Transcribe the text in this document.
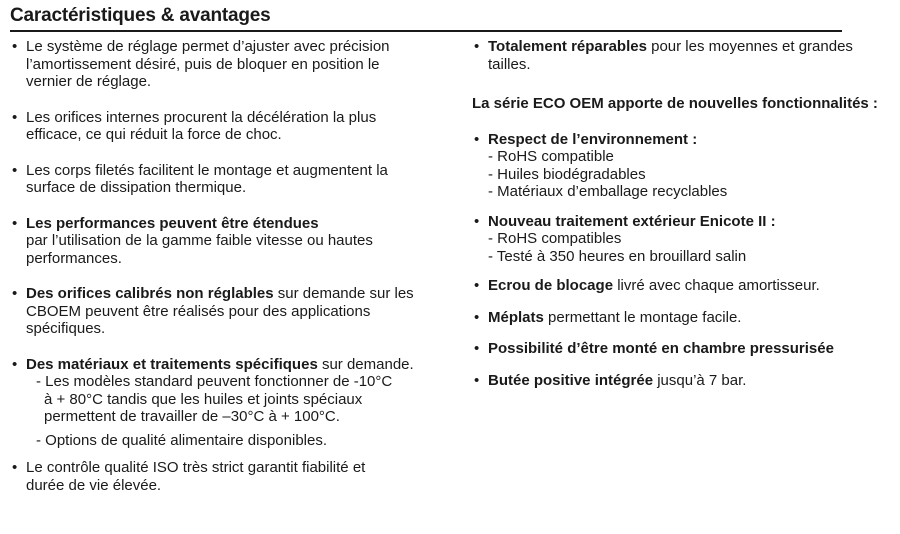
Caractéristiques & avantages
• Le système de réglage permet d’ajuster avec précision l’amortissement désiré, puis de bloquer en position le vernier de réglage.
• Les orifices internes procurent la décélération la plus efficace, ce qui réduit la force de choc.
• Les corps filetés facilitent le montage et augmentent la surface de dissipation thermique.
• Les performances peuvent être étendues
par l’utilisation de la gamme faible vitesse ou hautes performances.
• Des orifices calibrés non réglables sur demande sur les CBOEM peuvent être réalisés pour des applications spécifiques.
• Des matériaux et traitements spécifiques sur demande.
- Les modèles standard peuvent fonctionner de -10°C
à + 80°C tandis que les huiles et joints spéciaux
permettent de travailler de –30°C à + 100°C.
- Options de qualité alimentaire disponibles.
• Le contrôle qualité ISO très strict garantit fiabilité et durée de vie élevée.
• Totalement réparables pour les moyennes et grandes tailles.
La série ECO OEM apporte de nouvelles fonctionnalités :
• Respect de l’environnement :
- RoHS compatible
- Huiles biodégradables
- Matériaux d’emballage recyclables
• Nouveau traitement extérieur Enicote II :
- RoHS compatibles
- Testé à 350 heures en brouillard salin
• Ecrou de blocage livré avec chaque amortisseur.
• Méplats permettant le montage facile.
• Possibilité d’être monté en chambre pressurisée
• Butée positive intégrée jusqu’à 7 bar.
